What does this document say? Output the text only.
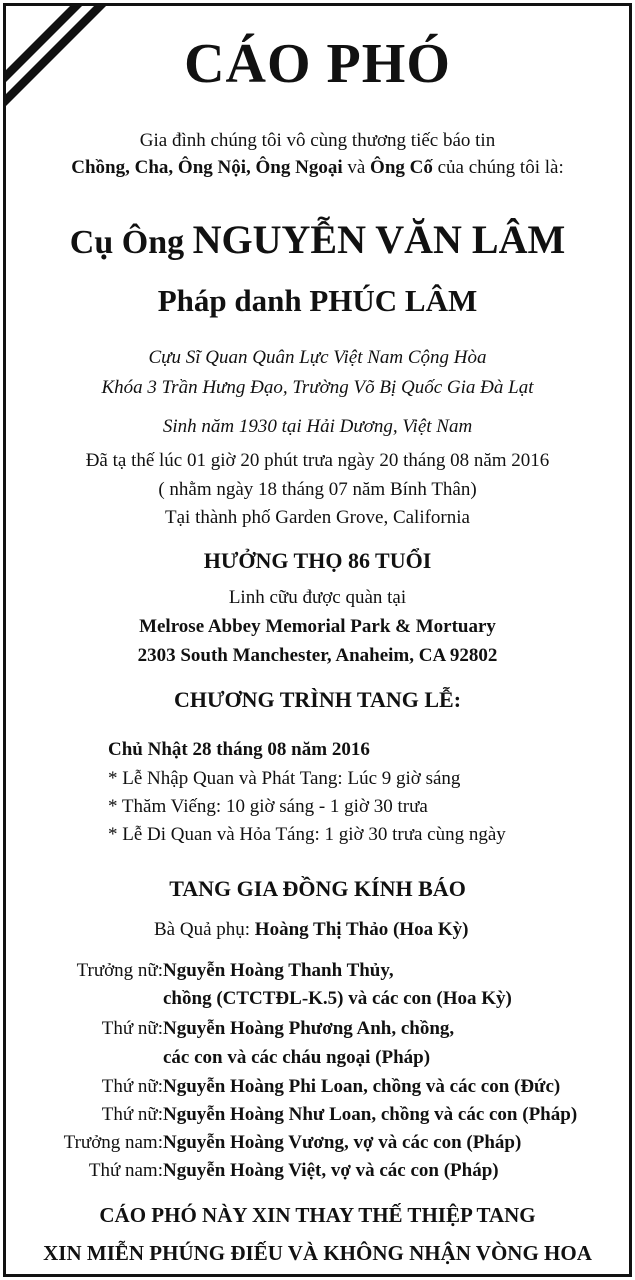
CÁO PHÓ
Gia đình chúng tôi vô cùng thương tiếc báo tin
Chồng, Cha, Ông Nội, Ông Ngoại và Ông Cố của chúng tôi là:
Cụ Ông NGUYỄN VĂN LÂM
Pháp danh PHÚC LÂM
Cựu Sĩ Quan Quân Lực Việt Nam Cộng Hòa
Khóa 3 Trần Hưng Đạo, Trường Võ Bị Quốc Gia Đà Lạt
Sinh năm 1930 tại Hải Dương, Việt Nam
Đã tạ thế lúc 01 giờ 20 phút trưa ngày 20 tháng 08 năm 2016
( nhằm ngày 18 tháng 07 năm Bính Thân)
Tại thành phố Garden Grove, California
HƯỞNG THỌ 86 TUỔI
Linh cữu được quàn tại
Melrose Abbey Memorial Park & Mortuary
2303 South Manchester, Anaheim, CA 92802
CHƯƠNG TRÌNH TANG LỄ:
Chủ Nhật 28 tháng 08 năm 2016
* Lễ Nhập Quan và Phát Tang: Lúc 9 giờ sáng
* Thăm Viếng: 10 giờ sáng - 1 giờ 30 trưa
* Lễ Di Quan và Hỏa Táng: 1 giờ 30 trưa cùng ngày
TANG GIA ĐỒNG KÍNH BÁO
Bà Quả phụ: Hoàng Thị Thảo (Hoa Kỳ)
Trưởng nữ:Nguyễn Hoàng Thanh Thủy,
chồng (CTCTĐL-K.5) và các con (Hoa Kỳ)
Thứ nữ:Nguyễn Hoàng Phương Anh, chồng,
các con và các cháu ngoại (Pháp)
Thứ nữ:Nguyễn Hoàng Phi Loan, chồng và các con (Đức)
Thứ nữ:Nguyễn Hoàng Như Loan, chồng và các con (Pháp)
Trưởng nam:Nguyễn Hoàng Vương, vợ và các con (Pháp)
Thứ nam:Nguyễn Hoàng Việt, vợ và các con (Pháp)
CÁO PHÓ NÀY XIN THAY THẾ THIỆP TANG
XIN MIỄN PHÚNG ĐIẾU VÀ KHÔNG NHẬN VÒNG HOA
